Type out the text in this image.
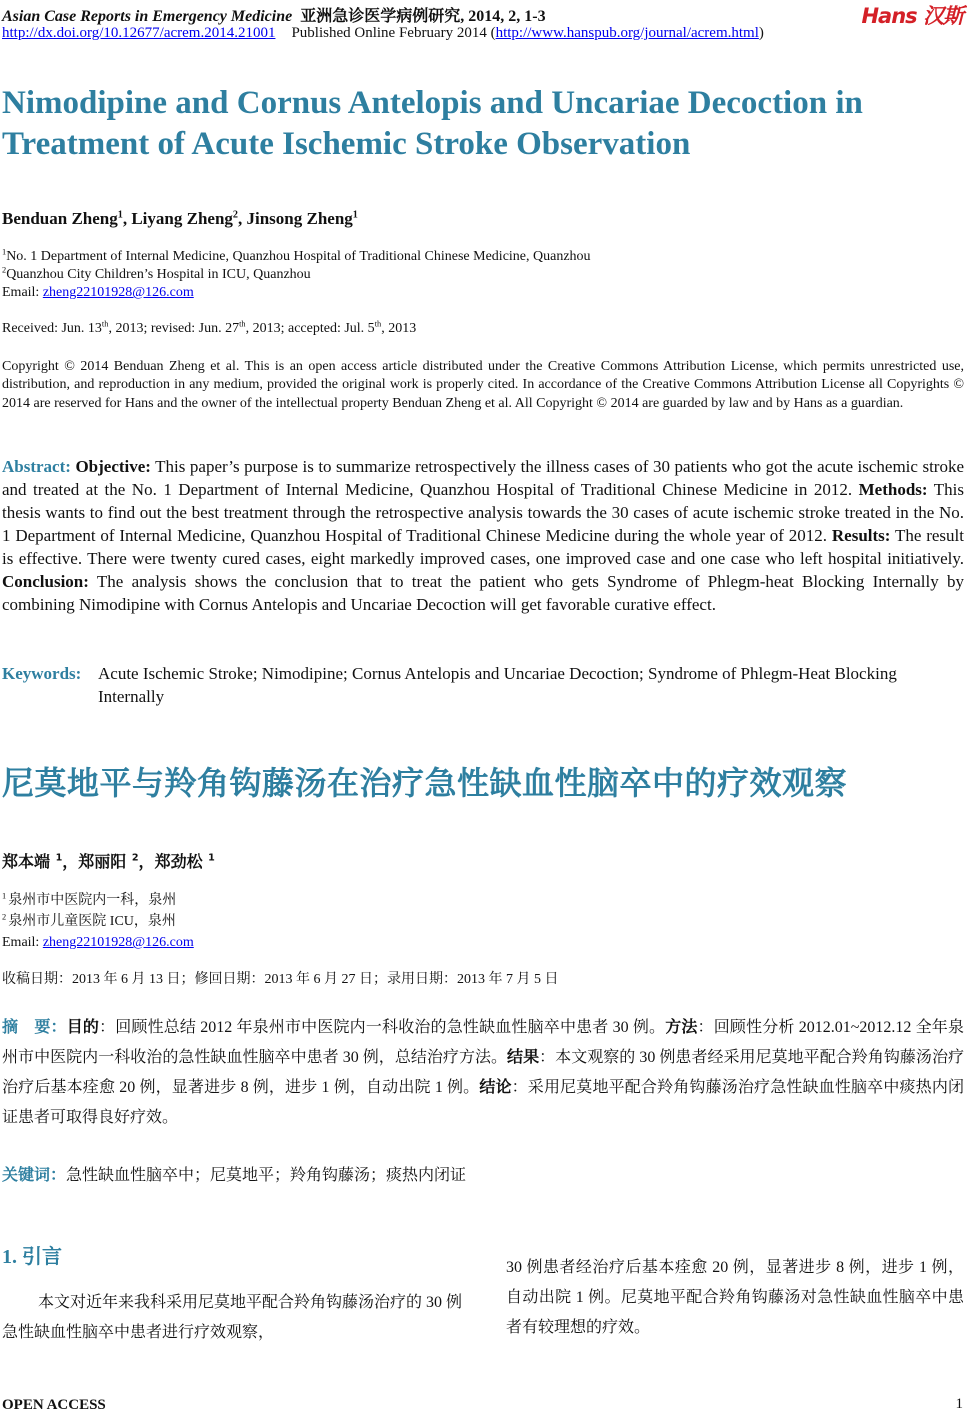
Asian Case Reports in Emergency Medicine 亚洲急诊医学病例研究, 2014, 2, 1-3	Hans 汉斯
http://dx.doi.org/10.12677/acrem.2014.21001 Published Online February 2014 (http://www.hanspub.org/journal/acrem.html)
Nimodipine and Cornus Antelopis and Uncariae Decoction in Treatment of Acute Ischemic Stroke Observation
Benduan Zheng$^1$, Liyang Zheng$^2$, Jinsong Zheng$^1$
$^1$No. 1 Department of Internal Medicine, Quanzhou Hospital of Traditional Chinese Medicine, Quanzhou
$^2$Quanzhou City Children’s Hospital in ICU, Quanzhou
Email: zheng22101928@126.com
Received: Jun. 13th, 2013; revised: Jun. 27th, 2013; accepted: Jul. 5th, 2013
Copyright © 2014 Benduan Zheng et al. This is an open access article distributed under the Creative Commons Attribution License, which permits unrestricted use, distribution, and reproduction in any medium, provided the original work is properly cited. In accordance of the Creative Commons Attribution License all Copyrights © 2014 are reserved for Hans and the owner of the intellectual property Benduan Zheng et al. All Copyright © 2014 are guarded by law and by Hans as a guardian.
Abstract: Objective: This paper’s purpose is to summarize retrospectively the illness cases of 30 patients who got the acute ischemic stroke and treated at the No. 1 Department of Internal Medicine, Quanzhou Hospital of Traditional Chinese Medicine in 2012. Methods: This thesis wants to find out the best treatment through the retrospective analysis towards the 30 cases of acute ischemic stroke treated in the No. 1 Department of Internal Medicine, Quanzhou Hospital of Traditional Chinese Medicine during the whole year of 2012. Results: The result is effective. There were twenty cured cases, eight markedly improved cases, one improved case and one case who left hospital initiatively. Conclusion: The analysis shows the conclusion that to treat the patient who gets Syndrome of Phlegm-heat Blocking Internally by combining Nimodipine with Cornus Antelopis and Uncariae Decoction will get favorable curative effect.
Keywords: Acute Ischemic Stroke; Nimodipine; Cornus Antelopis and Uncariae Decoction; Syndrome of Phlegm-Heat Blocking Internally
尼莫地平与羚角钩藤汤在治疗急性缺血性脑卒中的疗效观察
郑本端 $^1$，郑丽阳 $^2$，郑劲松 $^1$
$^1$ 泉州市中医院内一科，泉州
$^2$ 泉州市儿童医院 ICU，泉州
Email: zheng22101928@126.com
收稿日期：2013 年 6 月 13 日；修回日期：2013 年 6 月 27 日；录用日期：2013 年 7 月 5 日
摘　要：目的：回顾性总结 2012 年泉州市中医院内一科收治的急性缺血性脑卒中患者 30 例。方法：回顾性分析 2012.01~2012.12 全年泉州市中医院内一科收治的急性缺血性脑卒中患者 30 例，总结治疗方法。结果：本文观察的 30 例患者经采用尼莫地平配合羚角钩藤汤治疗治疗后基本痊愈 20 例，显著进步 8 例，进步 1 例，自动出院 1 例。结论：采用尼莫地平配合羚角钩藤汤治疗急性缺血性脑卒中痰热内闭证患者可取得良好疗效。
关键词：急性缺血性脑卒中；尼莫地平；羚角钩藤汤；痰热内闭证
1. 引言
本文对近年来我科采用尼莫地平配合羚角钩藤汤治疗的 30 例急性缺血性脑卒中患者进行疗效观察，
30 例患者经治疗后基本痊愈 20 例，显著进步 8 例，进步 1 例，自动出院 1 例。尼莫地平配合羚角钩藤汤对急性缺血性脑卒中患者有较理想的疗效。
OPEN ACCESS	1
